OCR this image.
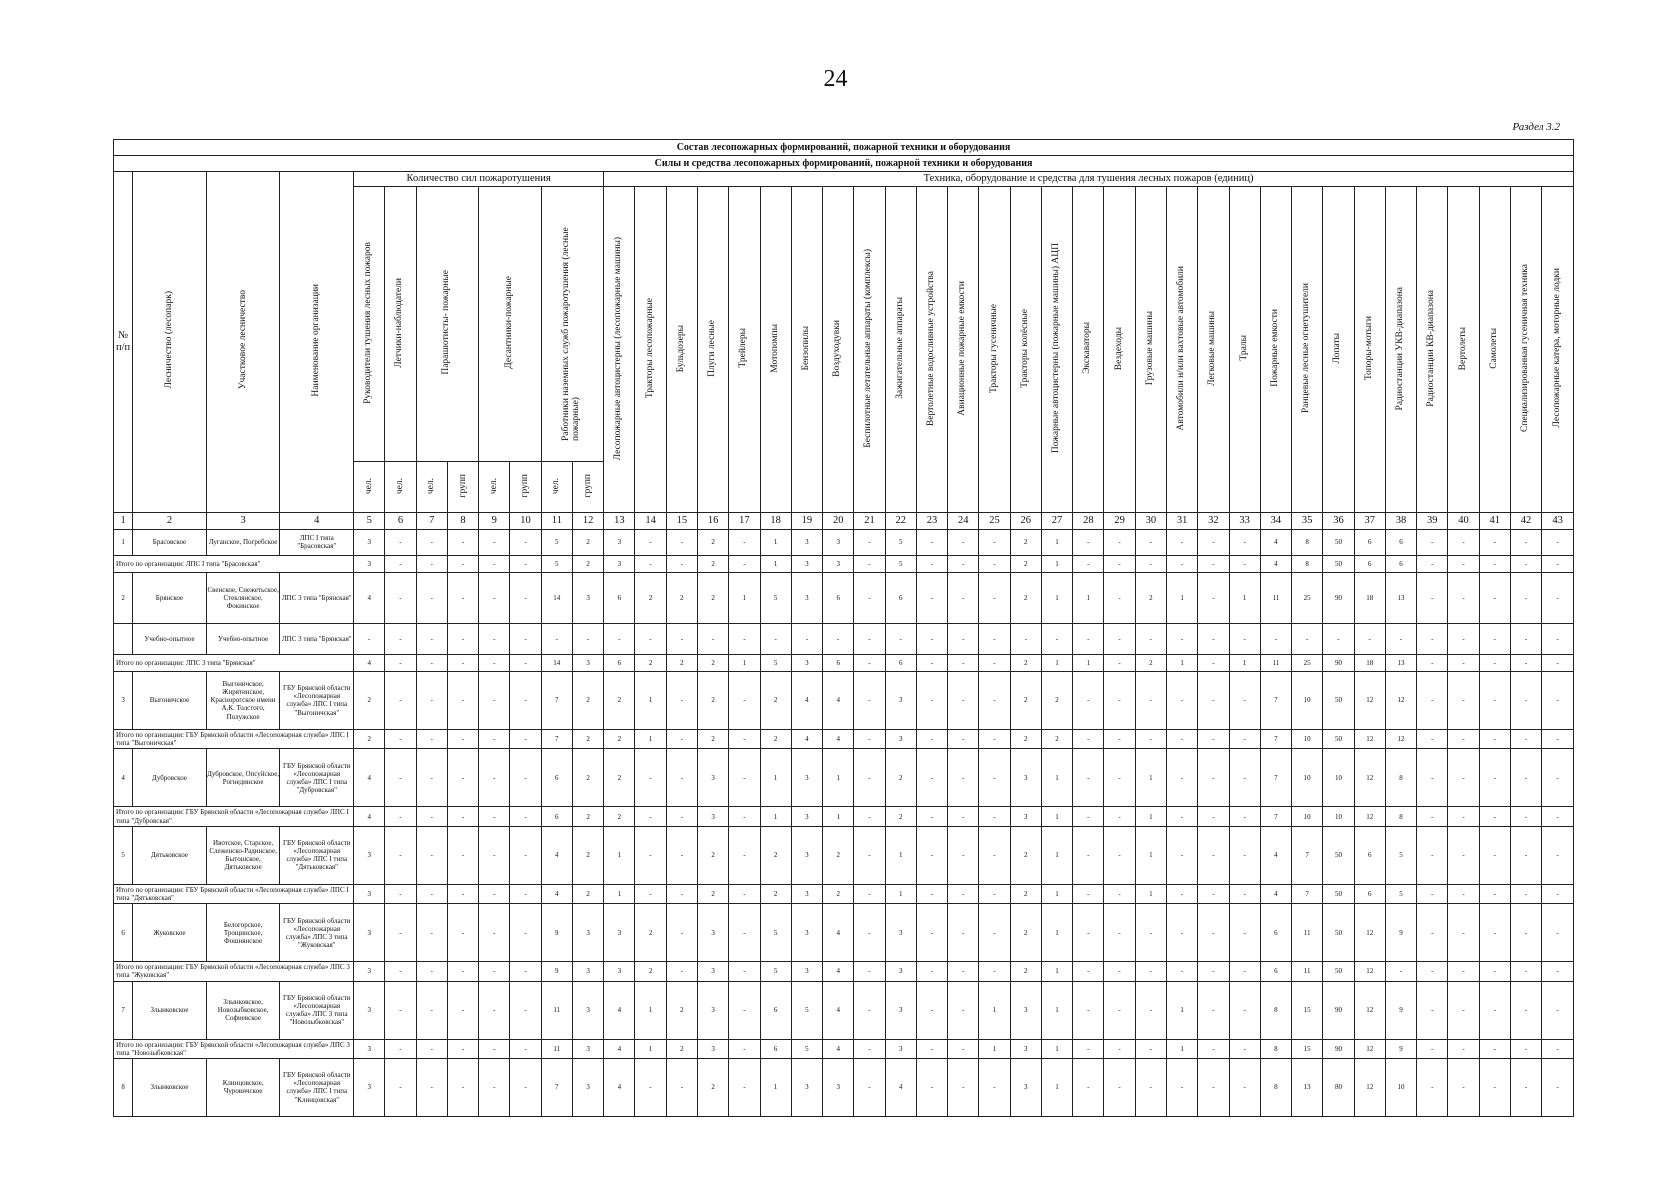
24
Раздел 3.2
Состав лесопожарных формирований, пожарной техники и оборудования																																										
Силы и средства лесопожарных формирований, пожарной техники и оборудования																																										
№ п/п	Лесничество (лесопарк)	Участковое лесничество	Наименование организации	Количество сил пожаротушения								Техника, оборудование и средства для тушения лесных пожаров (единиц)																														
				Руководители тушения лесных пожаров	Летчики-наблюдатели	Парашютисты- пожарные		Десантники-пожарные		Работники наземных служб пожаротушения (лесные пожарные)		Лесопожарные автоцистерны (лесопожарные машины)	Тракторы лесопожарные	Бульдозеры	Плуги лесные	Трейлеры	Мотопомпы	Бензопилы	Воздуходувки	Беспилотные летательные аппараты (комплексы)	Зажигательные аппараты	Вертолетные водосливные устройства	Авиационные пожарные емкости	Тракторы гусеничные	Тракторы колёсные	Пожарные автоцистерны (пожарные машины) АЦП	Экскаваторы	Вездеходы	Грузовые машины	Автомобили н/или вахтовые автомобили	Легковые машины	Тралы	Пожарные емкости	Ранцевые лесные огнетушители	Лопаты	Топоры-мотыги	Радиостанции УКВ-диапазона	Радиостанции КВ-диапазона	Вертолеты	Самолеты	Специализированная гусеничная техника	Лесопожарные катера, моторные лодки
				чел.	чел.	чел.	групп	чел.	групп	чел.	групп																															
1	2	3	4	5	6	7	8	9	10	11	12	13	14	15	16	17	18	19	20	21	22	23	24	25	26	27	28	29	30	31	32	33	34	35	36	37	38	39	40	41	42	43
1	Брасовское	Луганское, Погребское	ЛПС I типа "Брасовская"	3	-	-	-	-	-	5	2	3	-	-	2	-	1	3	3	-	5	-	-	-	2	1	-	-	-	-	-	-	4	8	50	6	6	-	-	-	-	-
Итого по организации: ЛПС I типа "Брасовская"				3	-	-	-	-	-	5	2	3	-	-	2	-	1	3	3	-	5	-	-	-	2	1	-	-	-	-	-	-	4	8	50	6	6	-	-	-	-	-
2	Брянское	Свенское, Снежетьское, Стеклянское, Фокинское	ЛПС 3 типа "Брянская"	4	-	-	-	-	-	14	3	6	2	2	2	1	5	3	6	-	6	-	-	-	2	1	1	-	2	1	-	1	11	25	90	18	13	-	-	-	-	-
	Учебно-опытное	Учебно-опытное	ЛПС 3 типа "Брянская"	-	-	-	-	-	-	-	-	-	-	-	-	-	-	-	-	-	-	-	-	-	-	-	-	-	-	-	-	-	-	-	-	-	-	-	-	-	-	-
Итого по организации: ЛПС 3 типа "Брянская"				4	-	-	-	-	-	14	3	6	2	2	2	1	5	3	6	-	6	-	-	-	2	1	1	-	2	1	-	1	11	25	90	18	13	-	-	-	-	-
3	Выгоничское	Выгоничское, Жирятинское, Краснорогское имени А.К. Толстого, Полужское	ГБУ Брянской области «Лесопожарная служба» ЛПС I типа "Выгоничская"	2	-	-	-	-	-	7	2	2	1	-	2	-	2	4	4	-	3	-	-	-	2	2	-	-	-	-	-	-	7	10	50	12	12	-	-	-	-	-
Итого по организации: ГБУ Брянской области «Лесопожарная служба» ЛПС I типа "Выгоничская"				2	-	-	-	-	-	7	2	2	1	-	2	-	2	4	4	-	3	-	-	-	2	2	-	-	-	-	-	-	7	10	50	12	12	-	-	-	-	-
4	Дубровское	Дубровское, Опсуйское, Рогнединское	ГБУ Брянской области «Лесопожарная служба» ЛПС I типа "Дубровская"	4	-	-	-	-	-	6	2	2	-	-	3	-	1	3	1	-	2	-	-	-	3	1	-	-	1	-	-	-	7	10	10	12	8	-	-	-	-	-
Итого по организации: ГБУ Брянской области «Лесопожарная служба» ЛПС I типа "Дубровская"				4	-	-	-	-	-	6	2	2	-	-	3	-	1	3	1	-	2	-	-	-	3	1	-	-	1	-	-	-	7	10	10	12	8	-	-	-	-	-
5	Дятьковское	Ивотское, Старское, Слеженско-Радинское, Бытошское, Дятьковское	ГБУ Брянской области «Лесопожарная служба» ЛПС I типа "Дятьковская"	3	-	-	-	-	-	4	2	1	-	-	2	-	2	3	2	-	1	-	-	-	2	1	-	-	1	-	-	-	4	7	50	6	5	-	-	-	-	-
Итого по организации: ГБУ Брянской области «Лесопожарная служба» ЛПС I типа "Дятьковская"				3	-	-	-	-	-	4	2	1	-	-	2	-	2	3	2	-	1	-	-	-	2	1	-	-	1	-	-	-	4	7	50	6	5	-	-	-	-	-
6	Жуковское	Белогорское, Трощинское, Фошнянское	ГБУ Брянской области «Лесопожарная служба» ЛПС 3 типа "Жуковская"	3	-	-	-	-	-	9	3	3	2	-	3	-	5	3	4	-	3	-	-	-	2	1	-	-	-	-	-	-	6	11	50	12	9	-	-	-	-	-
Итого по организации: ГБУ Брянской области «Лесопожарная служба» ЛПС 3 типа "Жуковская"				3	-	-	-	-	-	9	3	3	2	-	3	-	5	3	4	-	3	-	-	-	2	1	-	-	-	-	-	-	6	11	50	12	-	-	-	-	-	-
7	Злынковское	Злынковское, Новозыбковское, Софиевское	ГБУ Брянской области «Лесопожарная служба» ЛПС 3 типа "Новозыбковская"	3	-	-	-	-	-	11	3	4	1	2	3	-	6	5	4	-	3	-	-	1	3	1	-	-	-	1	-	-	8	15	90	12	9	-	-	-	-	-
Итого по организации: ГБУ Брянской области «Лесопожарная служба» ЛПС 3 типа "Новозыбковская"				3	-	-	-	-	-	11	3	4	1	2	3	-	6	5	4	-	3	-	-	1	3	1	-	-	-	1	-	-	8	15	90	12	9	-	-	-	-	-
8	Злынковское	Клинцовское, Чуровичское	ГБУ Брянской области «Лесопожарная служба» ЛПС I типа "Клинцовская"	3	-	-	-	-	-	7	3	4	-	-	2	-	1	3	3	-	4	-	-	-	3	1	-	-	-	-	-	-	8	13	80	12	10	-	-	-	-	-
